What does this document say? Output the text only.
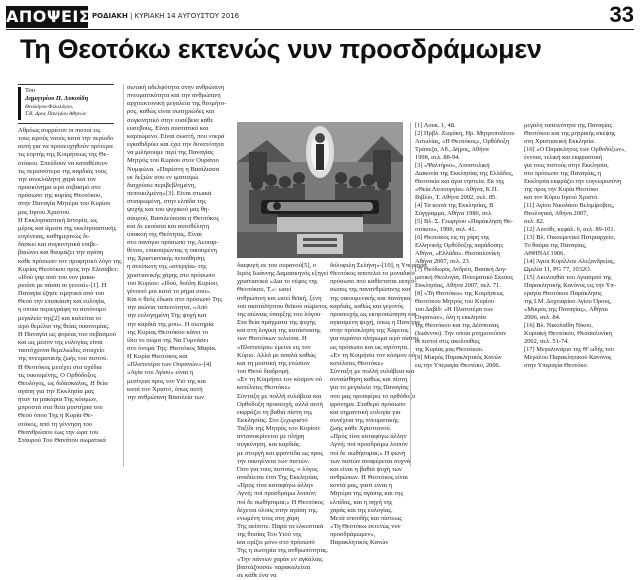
ΑΠΟΨΕΙΣ ΡΟΔΙΑΚΗ | ΚΥΡΙΑΚΗ 14 ΑΥΓΟΥΣΤΟΥ 2016	33
Τη Θεοτόκω εκτενώς νυν προσδράμωμεν
Του
Δημητρίου Π. Λυκούδη
Θεολόγου-Φιλολόγου,
Τ.Β. Δρος Παν/μίου Αθηνών
Αθρόως συρρέουν οι πιστοί εις
τους ιερούς ναούς κατά την περίοδο
αυτή για να προσευχηθούν πρότερα
τις εορτής της Κοιμήσεως της Θε-
οτόκου. Σπεύδουν να καταθέσουν
τις περισσότερο της καρδιάς τους
την ανεκλάλητη χαρά και τον
προσκύνημα ιερό σεβασμό στο
πρόσωπο της κυρίας Θεοτόκου,
στην Παναγία Μητέρα του Κυρίου
μας Ιησού Χριστού.
Η Εκκλησιαστική Ιστορία, ως
μέρος και άμεσα της εκκλησιαστικής
ευγένειας, καθημερινώς δι-
δάσκει και συγκινητικά επιβε-
βαιώνει και θαυμάζει την αγάπη
κάθε πρόσωπο τον προφητικό λόγο της
Κυρίας Θεοτόκου προς την Ελισάβετ:
«Ιδού γαρ από του νυν μακα-
ριούσι με πάσαι αι γενεαί»-[1]. Η
Παναγία έζησε τιμητικά από του
Θεού την επισκίαση και ευλογία,
η οποία περιεγράφη το αυτόνομο
μεγαλείο της[2] και καλείται το
ιερό θεμέλιο της θείας οικονομίας.
Η Παναγία ως φορέας του σεβασμού
και ως μέσον της ευλογίας είναι
ταυτόχρονα θεμελιώδες στοιχείο
της πνευματικής ζωής του πιστού.
Η Θεοτόκος μετέχει στα σχέδια
τις οικουμένης, Ο Ορθόδοξος
Θεολόγος, ως διδάσκαλος, Η θεία
αγάπη για την Εκκλησία μας
ήταν τα μακάρια Της κόσμων,
μπροστά στα θεία μυστήρια του
Θεού όπου Της η Κυρία Θε-
οτόκος, από τη γέννηση του
Θεανθρώπου έως την ώρα του
Σταυρού Του Θανάτου σωματικά
σωτική αδελφότητα στην ανθρώπινη
πνευματικότητα και την ανθρώπινη
αρχιτεκτονική μεγαλεία της θεομήτο-
ρος, καθώς είναι σωτηριώδες και
συγκινητικό στην ευσέβεια κάθε
ευσεβούς. Είναι συστατικό και
καρπώμενο. Είναι σωστή, που νοερά
εγκαθιδρύει και έχει την δυνατότητα
να μιλήσουμε περί της Παναγίας
Μητρός του Κυρίου στον Ουράνιο
Νυμφώνα. «Παρέστη η Βασίλισσα
εκ δεξιών σου εν ιματισμώ
διαχρύσω περιβεβλημένη,
πεποικιλμένη»[3]. Είναι στωικά
σταυρωμένη, στην ελπίδα της
ψυχής και του ψυχικού μας θη-
σαυρού, Βασιλεύουσα η Θεοτόκος
και δε εκούσια και αυτοθέλητη
υπακοή της Θεότητας. Είναι
στο πανάγιο πρόσωπο της Αειπαρ-
θένου, επικουρώντας η οικουμένη
της Χριστιανικής πεποίθησης
η ανείπωτη της «ανεργία» της
χριστιανικής χάρης στο πρόσωπο
του Κυρίου: «Ιδού, δούλη Κυρίου,
γένοιτό μοι κατά το ρήμα σου».
Και ο θεός έδωσε στο πρόσωπό Της
την αιώνια ταπεινότητα, «Από
την ευλογημένη Της ψυχή και
την καρδιά της μου». Η σωτηρία
της Κυρίας Θεοτόκου κάνει το
ίδιο το σώμα της Να Γυμνάσει
στο όνομά Της: Θεοτόκος Μαρία.
Η Κυρία Θεοτόκος και
«Πλατυτέρα των Ουρανών»-[4]
«Αγία του Αγίου» είναι η
μεσίτρια προς τον Υιό της και
κατά τον Χριστό, όπως αυτή
την ανθρώπινη Βασιλεία των
διαφυγή εκ του ουρανού[5], ο
Ιερός Ιωάννης Δαμασκηνός εξηγεί
χριστιανικά «Δια το νέφος της
Θεοτόκου, Τ.»: ωσεί
ανθρώπινη και ωσεί θεϊκή, ξένη
του ακατάληπτου θεϊκού σώματος
της αιώνιας ύπαρξης του λόγου·
Στα θεία πράγματα της ψυχής
και στη λογική της κατάστασης
των Θεοτόκων τελείται. Η
«Πλατυτέρα» έμεινε εις τον
Κύριο. Αλλά με απαλά καθώς
και τη μυστική της ενώπιον
του Θεού διαδρομή.
«Εν τη Κοιμήσει τον κόσμον ού
κατέλιπες Θεοτόκε»
Σύνταξη με πολλή ευλάβεια και
Ορθόδοξη προσευχή, αλλά αυτή
εκφράζει τη βαθιά πίστη της
Εκκλησίας. Στο ξεχωριστό
Ταξίδι της Μητρός του Κυρίου:
ανταποκρίνεται με πλήρη
συγκίνηση, και καρδιάς
με στοργή και φροντίδα ως προς
την οικογένεια των πιστών.
Όσο για τους πιστούς, ο λόγος
αναδύεται έτσι Της Εκκλησίας
«Προς τίνα καταφύγω άλλην
Αγνή; ποί προσδράμω λοιπόν;
ποί δε σωθήσομαι;» Η Θεοτόκος
δέχεται όλους στην αγάπη της.
ενωμένη τους στη χάρη
Της αείποτε. Παρά τα ελκυστικά
της θυσίας Του Υιού της
και ορίζει μόνο στο πρόσωπό
Της η σωτηρία της ανθρωπότητας.
«Την πάντων χαράν εν αγκάλαις
βαστάζουσα» παρακαλείται
σε κάθε ένα να
δόλοφιλη Σελήνη»-[10], η Υπεραγία
Θεοτόκος αποτελεί το μοναδικό
πρόσωπο που καθίσταται εκπρό-
σωπος της πανανθρώπινης και
της οικουμενικής και πανάγιας
καρδιάς, καθώς και γεγονός
προσευχής ως εκπροσώπηση και
αγιασμένη ψυχή, όπως η Παναγία
στην πρόσκληση της Χάριτος
για ουράνιο πλήρωμα ιερό πίστης
ως πρόσωπο και ως αγιότητα.
«Εν τη Κοιμήσει τον κόσμον ού
κατέλιπες Θεοτόκε»
Σύνταξη με πολλή ευλάβεια και
συναίσθηση καθώς και πίστη
για το μεγαλείο της Παναγίας
που μας προσφέρει το ορθόδοξο
φρόνημα. Σταθερό πρόσωπο
και σημαντική ευλογία για
συνέχεια της πνευματικής
ζωής κάθε Χριστιανού.
«Πρός τίνα καταφύγω άλλην
Αγνή; ποί προσδράμω λοιπόν
ποί δε σωθήσομαι;» Η φωνή
των πιστών αναφέρεται συχνά
και είναι η βαθιά ψυχή των
ανθρώπων. Η Θεοτόκος είναι
κοντά μας, γιατί είναι η
Μητέρα της αγάπης και της
ελπίδας, και η πηγή της
χαράς και της ευλογίας.
Μετά σπουδής και πίστεως
«Τη Θεοτόκω εκτενώς νυν
προσδράμωμεν»,
Παρακλητικός Κανών
[1] Λουκ. 1, 48.
[2] Πρβλ. Ζωγάκη, Ηρ. Μητροπολίτου
Αιτωλίας, «Η Θεοτόκος», Ορθόδοξη
Τράπεζα, Αθ., Δήμος, Αθήνα
1998, σελ. 88-94.
[3] «Ψαλτήριο», Αποστολική
Διακονία της Εκκλησίας της Ελλάδος,
Θεοτοκία και άγια νηστεία. Εκ της
«Θεία Λειτουργία» Αθήνα, Κ.Π.
Βιβλίο, Τ. Αθήνα 2002, σελ. 85.
[4] Τα κοινά της Εκκλησίας, Β΄
Σύγγραμμα, Αθήνα 1980, σελ.
[5] Βλ. Σ. Γεωργίου «Παράκληση Θε-
οτόκου», 1990, σελ. 41.
[6] Θεοτόκος εις τη χάρη της
Ελληνικής Ορθόδοξης παράδοσης
Αθήνα, «Ελλάδα». Θεσσαλονίκη
Αθήνα 2007, σελ. 23.
[7] Θεόδωρος Ανδρέα, Βασική Δογ-
ματική Θεολογία, Πνευματικό Σκεύος
Εκκλησίας, Αθήνα 2007, σελ. 71.
[8] «Τη Θεοτόκω» της Κοιμήσεως
Θεοτόκου Μητρός του Κυρίου
του Δαβίδ: «Η Πλατυτέρα των
Ουρανών», όλη η εκκλησία
της Θεοτόκου και της Δέσποινας
(Ιωάννου). Την οποία μνημονεύουν
οι πιστοί στις ακολουθίες
της Κυρίας μας Θεοτόκου.
[9] Μικρός Παρακλητικός Κανών
εις την Υπεραγία Θεοτόκο, 2006.
μεγάλη ταπεινότητα της Παναγίας
Θεοτόκου και της μητρικής σκέψης
στη Χριστιανική Εκκλησία.
[10] «Ο Παράκλητος των Ορθοδόξων»,
έννοια, τελική και εκφραστική
για τους πιστούς στην Εκκλησία,
στο πρόσωπο της Παναγίας, η
Εκκλησία εκφράζει την ευγνωμοσύνη
της προς την Κυρία Θεοτόκο
και τον Κύριο Ιησού Χριστό.
[11] Αγίου Νικολάου Βελιμίροβιτς,
Θεολογικά, Αθήνα 2007,
σελ. 82.
[12] Αυτόθι, κεφάλ. 6, σελ. 89-101.
[13] Βλ. Οικουμενικό Πατριαρχείο,
Το θαύμα της Παναγίας,
ΑΘΗΝΑΙ 1906.
[14] Άγιοι Κυρίλλου Αλεξανδρείας,
Ωμιλία 11, PG 77, 1032Ο.
[15] Ακολουθία του Αγιασμού της
Παρακλητικής Κανόνος εις την Υπ-
εραγία Θεοτόκου Παράκλησις
της Ι.Μ. Δοχειαρίου Αγίου Όρους,
«Μικρός της Παναγίας», Αθήναι
2006, σελ. 84.
[16] Βλ. Νικολαΐδη Νίκου,
Κυριακή Θεοτόκου, Θεσσαλονίκη
2002, σελ. 51-74.
[17] Μεγαλυνάριο της Θ' ωδής του
Μεγάλου Παρακλητικού Κανόνος
στην Υπεραγία Θεοτόκο.
